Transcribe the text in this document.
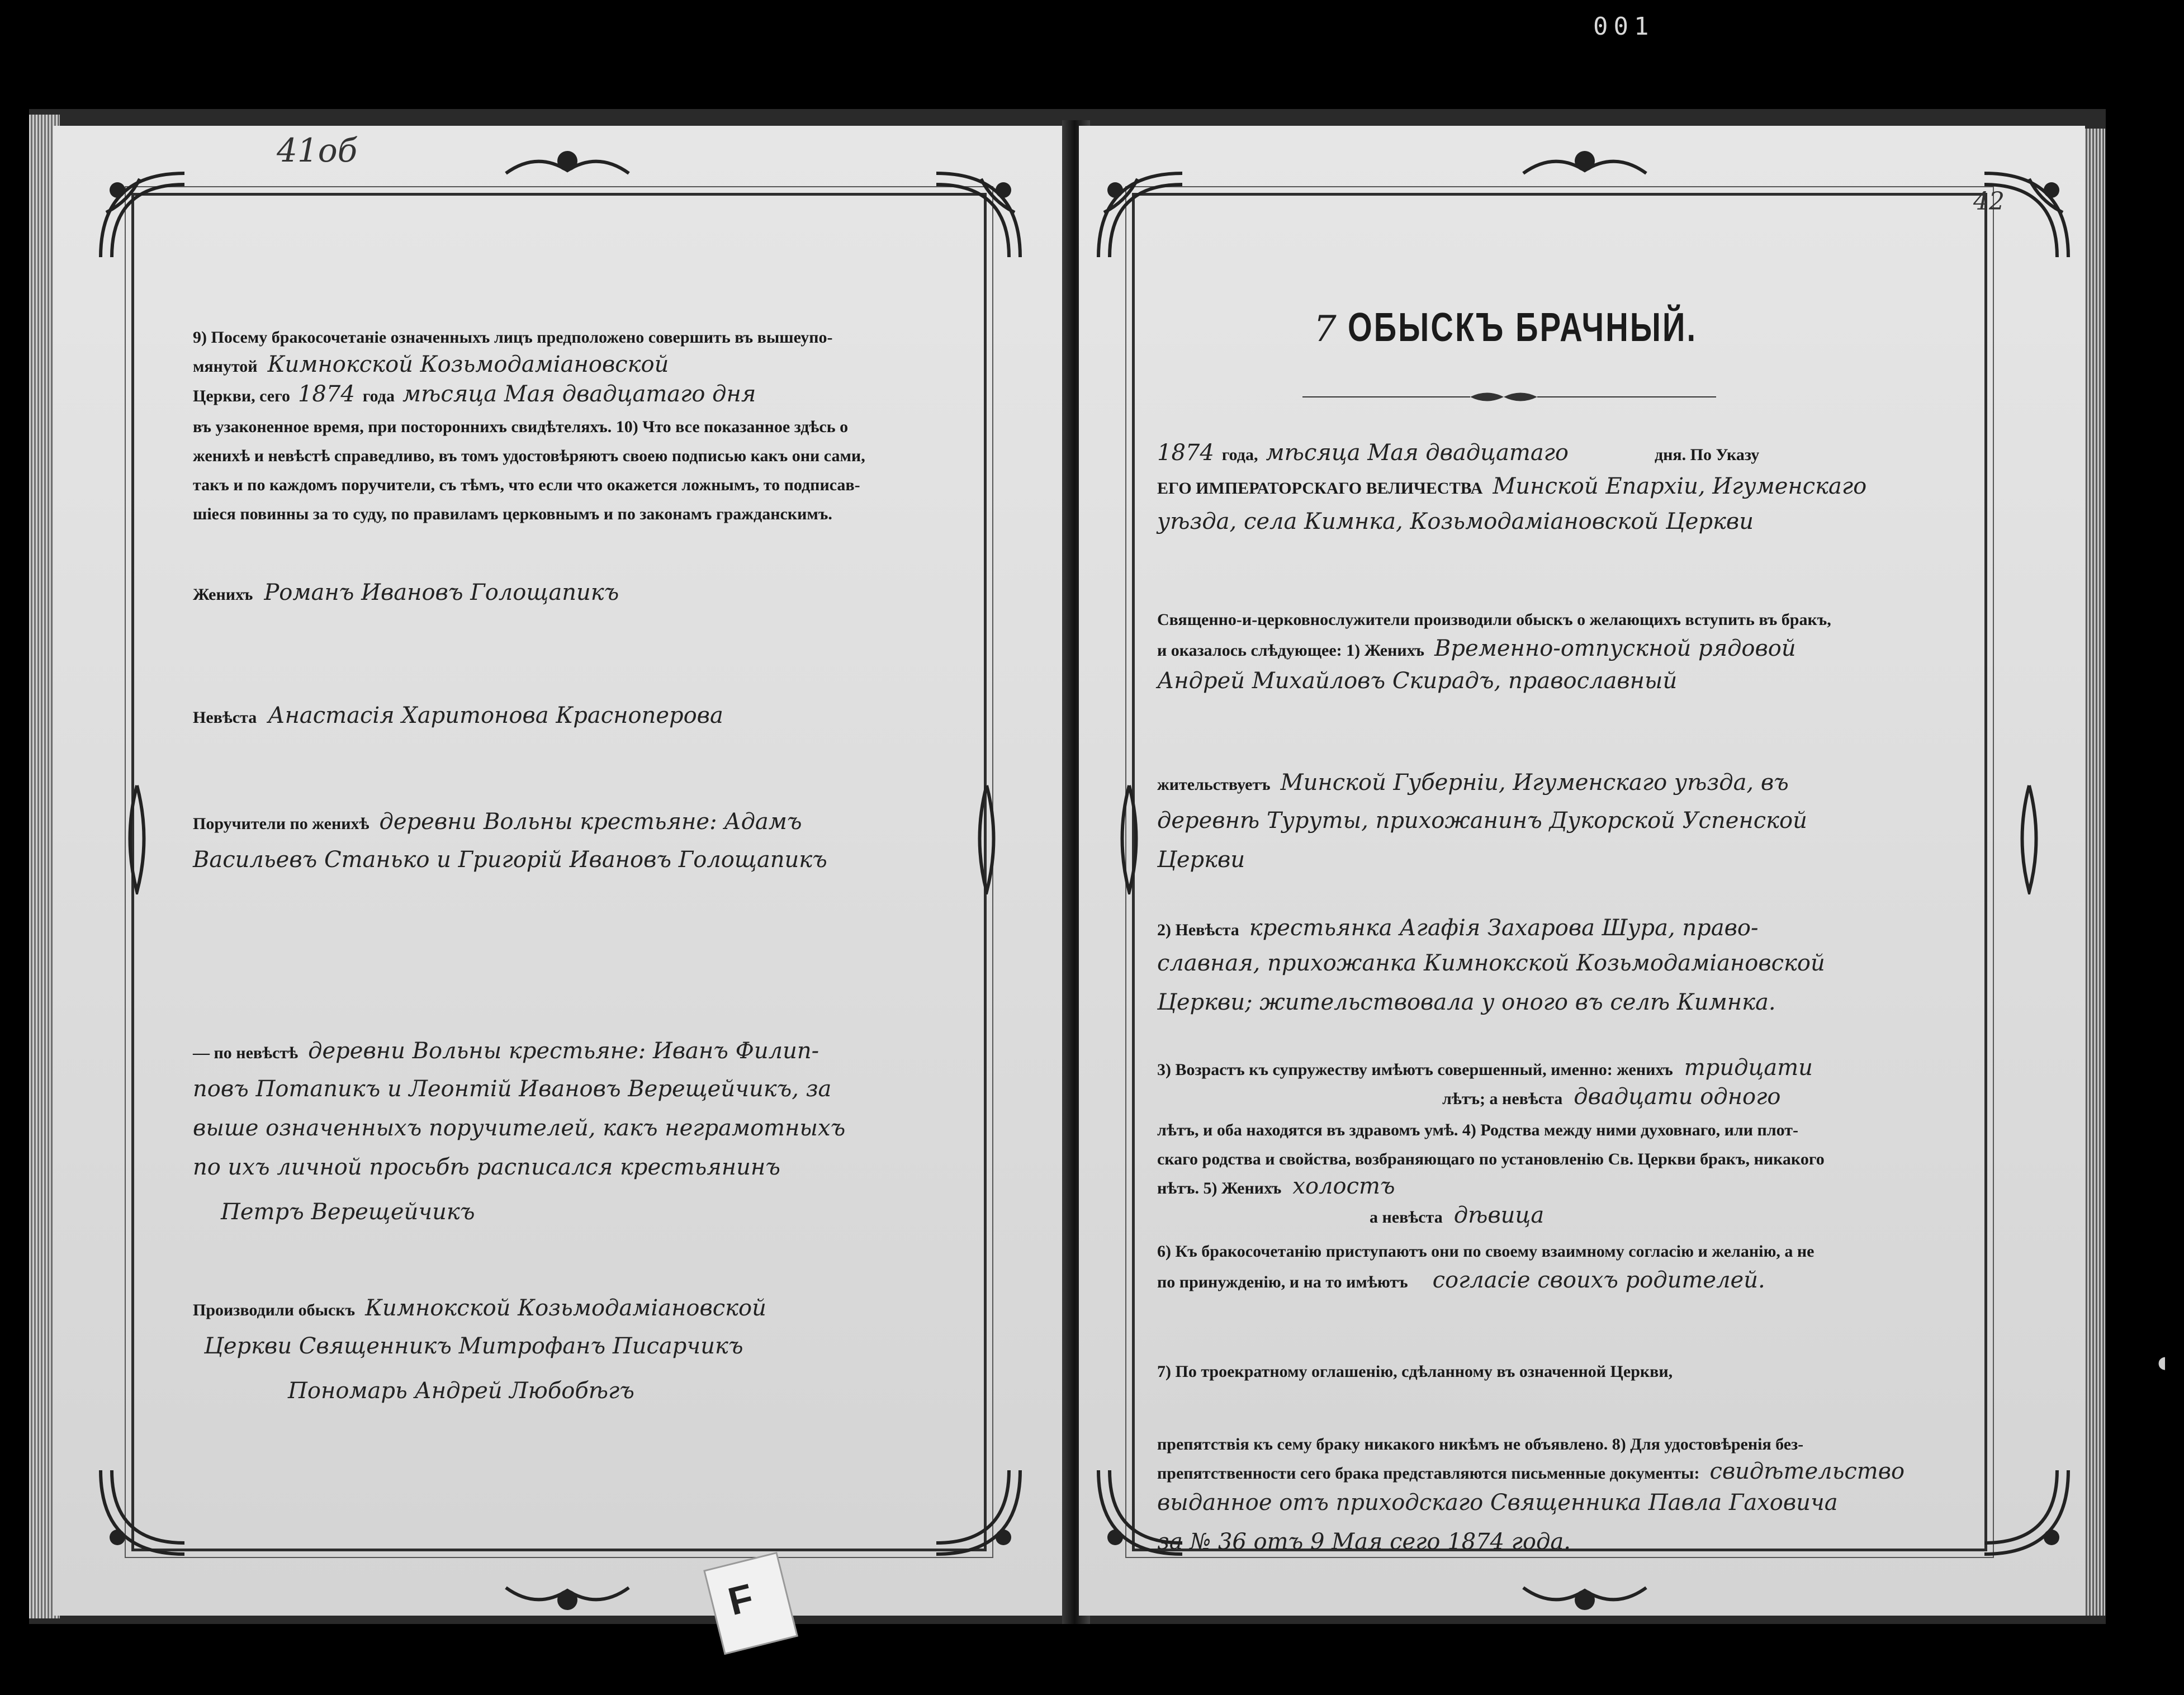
001
◖
41об
9) Посему бракосочетаніе означенныхъ лицъ предположено совершить въ вышеупо-
мянутой Кимнокской Козьмодаміановской
Церкви, сего 1874 года мѣсяца Мая двадцатаго дня
въ узаконенное время, при постороннихъ свидѣтеляхъ. 10) Что все показанное здѣсь о
женихѣ и невѣстѣ справедливо, въ томъ удостовѣряютъ своею подписью какъ они сами,
такъ и по каждомъ поручители, съ тѣмъ, что если что окажется ложнымъ, то подписав-
шіеся повинны за то суду, по правиламъ церковнымъ и по законамъ гражданскимъ.
Женихъ Романъ Ивановъ Голощапикъ
Невѣста Анастасія Харитонова Красноперова
Поручители по женихѣ деревни Вольны крестьяне: Адамъ
Васильевъ Станько и Григорій Ивановъ Голощапикъ
— по невѣстѣ деревни Вольны крестьяне: Иванъ Филип-
повъ Потапикъ и Леонтій Ивановъ Верещейчикъ, за
выше означенныхъ поручителей, какъ неграмотныхъ
по ихъ личной просьбѣ расписался крестьянинъ
Петръ Верещейчикъ
Производили обыскъ Кимнокской Козьмодаміановской
Церкви Священникъ Митрофанъ Писарчикъ
Пономарь Андрей Любобѣгъ
42
7 ОБЫСКЪ БРАЧНЫЙ.
1874 года, мѣсяца Мая двадцатаго	дня. По Указу
ЕГО ИМПЕРАТОРСКАГО ВЕЛИЧЕСТВА Минской Епархіи, Игуменскаго
уѣзда, села Кимнка, Козьмодаміановской Церкви
Священно-и-церковнослужители производили обыскъ о желающихъ вступить въ бракъ,
и оказалось слѣдующее: 1) Женихъ Временно-отпускной рядовой
Андрей Михайловъ Скирадъ, православный
жительствуетъ Минской Губерніи, Игуменскаго уѣзда, въ
деревнѣ Туруты, прихожанинъ Дукорской Успенской
Церкви
2) Невѣста крестьянка Агафія Захарова Шура, право-
славная, прихожанка Кимнокской Козьмодаміановской
Церкви; жительствовала у оного въ селѣ Кимнка.
3) Возрастъ къ супружеству имѣютъ совершенный, именно: женихъ тридцати
лѣтъ; а невѣста двадцати одного
лѣтъ, и оба находятся въ здравомъ умѣ. 4) Родства между ними духовнаго, или плот-
скаго родства и свойства, возбраняющаго по установленію Св. Церкви бракъ, никакого
нѣтъ. 5) Женихъ холостъ
а невѣста дѣвица
6) Къ бракосочетанію приступаютъ они по своему взаимному согласію и желанію, а не
по принужденію, и на то имѣютъ согласіе своихъ родителей.
7) По троекратному оглашенію, сдѣланному въ означенной Церкви,
препятствія къ сему браку никакого никѣмъ не объявлено. 8) Для удостовѣренія без-
препятственности сего брака представляются письменные документы: свидѣтельство
выданное отъ приходскаго Священника Павла Гаховича
за № 36 отъ 9 Мая сего 1874 года.
F
